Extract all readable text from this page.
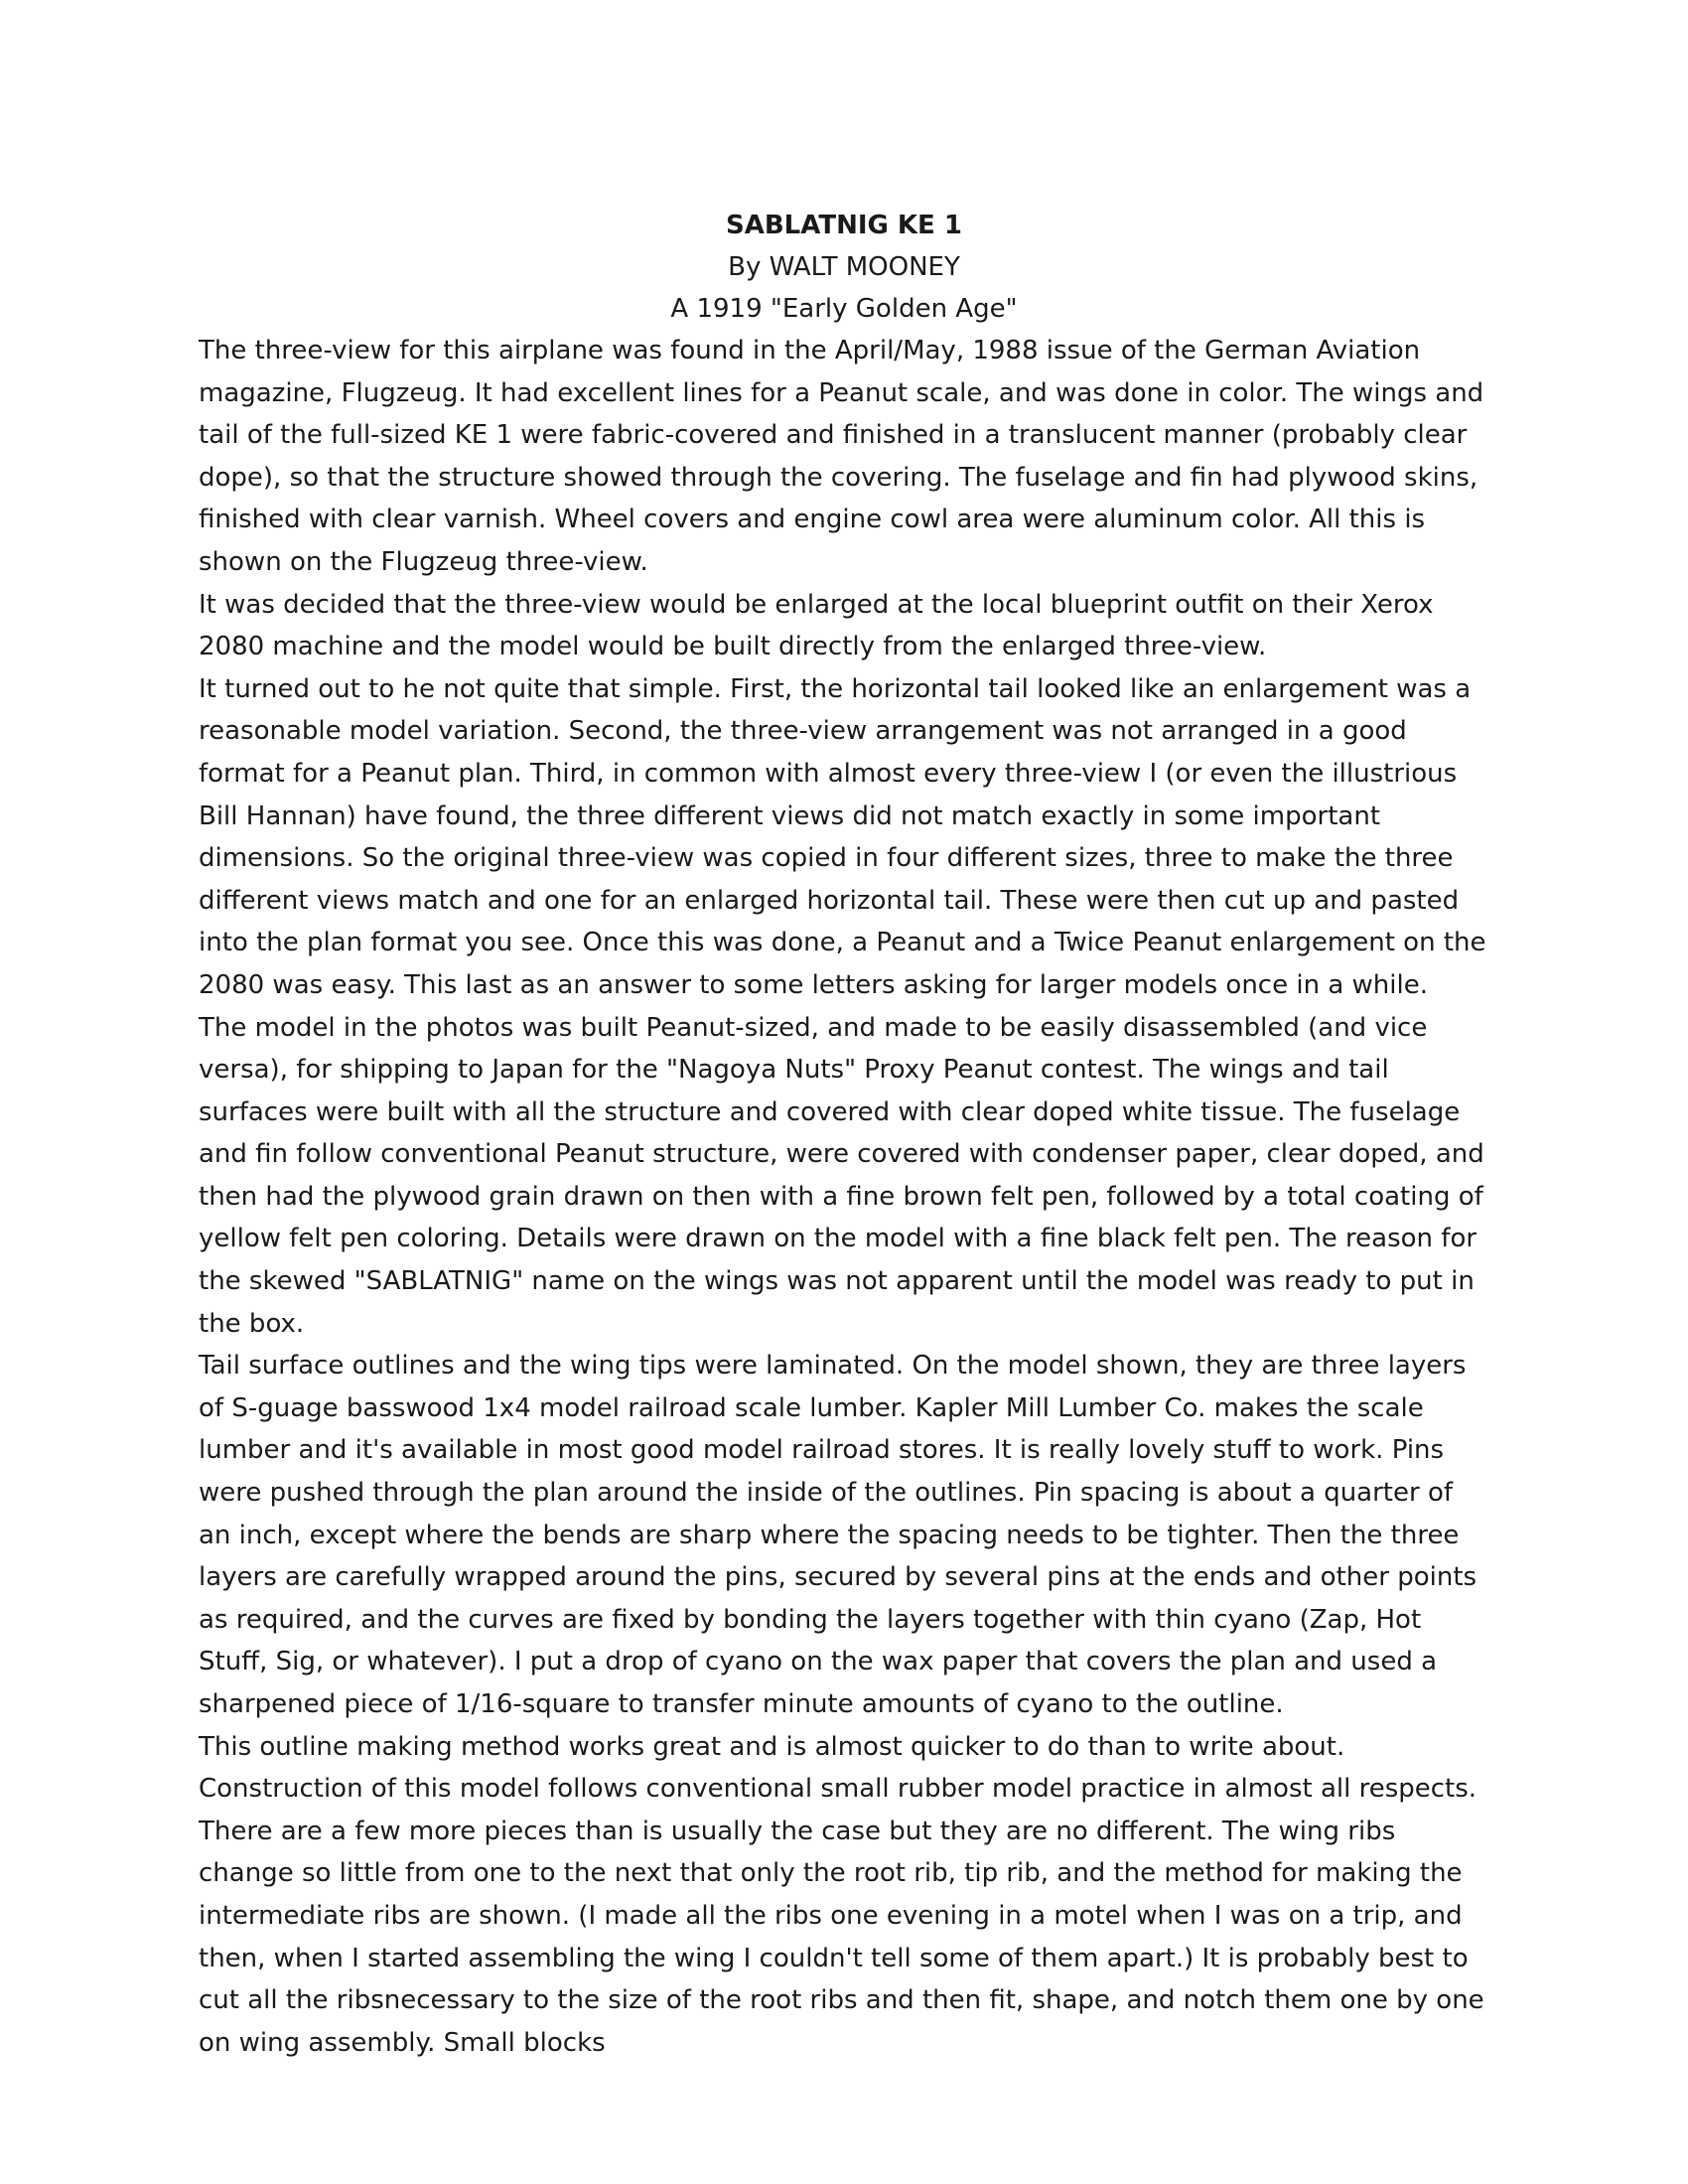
SABLATNIG KE 1

By WALT MOONEY

A 1919 "Early Golden Age"

The three-view for this airplane was found in the April/May, 1988 issue of the German Aviation magazine, Flugzeug. It had excellent lines for a Peanut scale, and was done in color. The wings and tail of the full-sized KE 1 were fabric-covered and finished in a translucent manner (probably clear dope), so that the structure showed through the covering. The fuselage and fin had plywood skins, finished with clear varnish. Wheel covers and engine cowl area were aluminum color. All this is shown on the Flugzeug three-view.

It was decided that the three-view would be enlarged at the local blueprint outfit on their Xerox 2080 machine and the model would be built directly from the enlarged three-view.

It turned out to he not quite that simple. First, the horizontal tail looked like an enlargement was a reasonable model variation. Second, the three-view arrangement was not arranged in a good format for a Peanut plan. Third, in common with almost every three-view I (or even the illustrious Bill Hannan) have found, the three different views did not match exactly in some important dimensions. So the original three-view was copied in four different sizes, three to make the three different views match and one for an enlarged horizontal tail. These were then cut up and pasted into the plan format you see. Once this was done, a Peanut and a Twice Peanut enlargement on the 2080 was easy. This last as an answer to some letters asking for larger models once in a while.

The model in the photos was built Peanut-sized, and made to be easily disassembled (and vice versa), for shipping to Japan for the "Nagoya Nuts" Proxy Peanut contest. The wings and tail surfaces were built with all the structure and covered with clear doped white tissue. The fuselage and fin follow conventional Peanut structure, were covered with condenser paper, clear doped, and then had the plywood grain drawn on then with a fine brown felt pen, followed by a total coating of yellow felt pen coloring. Details were drawn on the model with a fine black felt pen. The reason for the skewed "SABLATNIG" name on the wings was not apparent until the model was ready to put in the box.

Tail surface outlines and the wing tips were laminated. On the model shown, they are three layers of S-guage basswood 1x4 model railroad scale lumber. Kapler Mill Lumber Co. makes the scale lumber and it's available in most good model railroad stores. It is really lovely stuff to work. Pins were pushed through the plan around the inside of the outlines. Pin spacing is about a quarter of an inch, except where the bends are sharp where the spacing needs to be tighter. Then the three layers are carefully wrapped around the pins, secured by several pins at the ends and other points as required, and the curves are fixed by bonding the layers together with thin cyano (Zap, Hot Stuff, Sig, or whatever). I put a drop of cyano on the wax paper that covers the plan and used a sharpened piece of 1/16-square to transfer minute amounts of cyano to the outline.

This outline making method works great and is almost quicker to do than to write about.

Construction of this model follows conventional small rubber model practice in almost all respects. There are a few more pieces than is usually the case but they are no different. The wing ribs change so little from one to the next that only the root rib, tip rib, and the method for making the intermediate ribs are shown. (I made all the ribs one evening in a motel when I was on a trip, and then, when I started assembling the wing I couldn't tell some of them apart.) It is probably best to cut all the ribsnecessary to the size of the root ribs and then fit, shape, and notch them one by one on wing assembly. Small blocks
